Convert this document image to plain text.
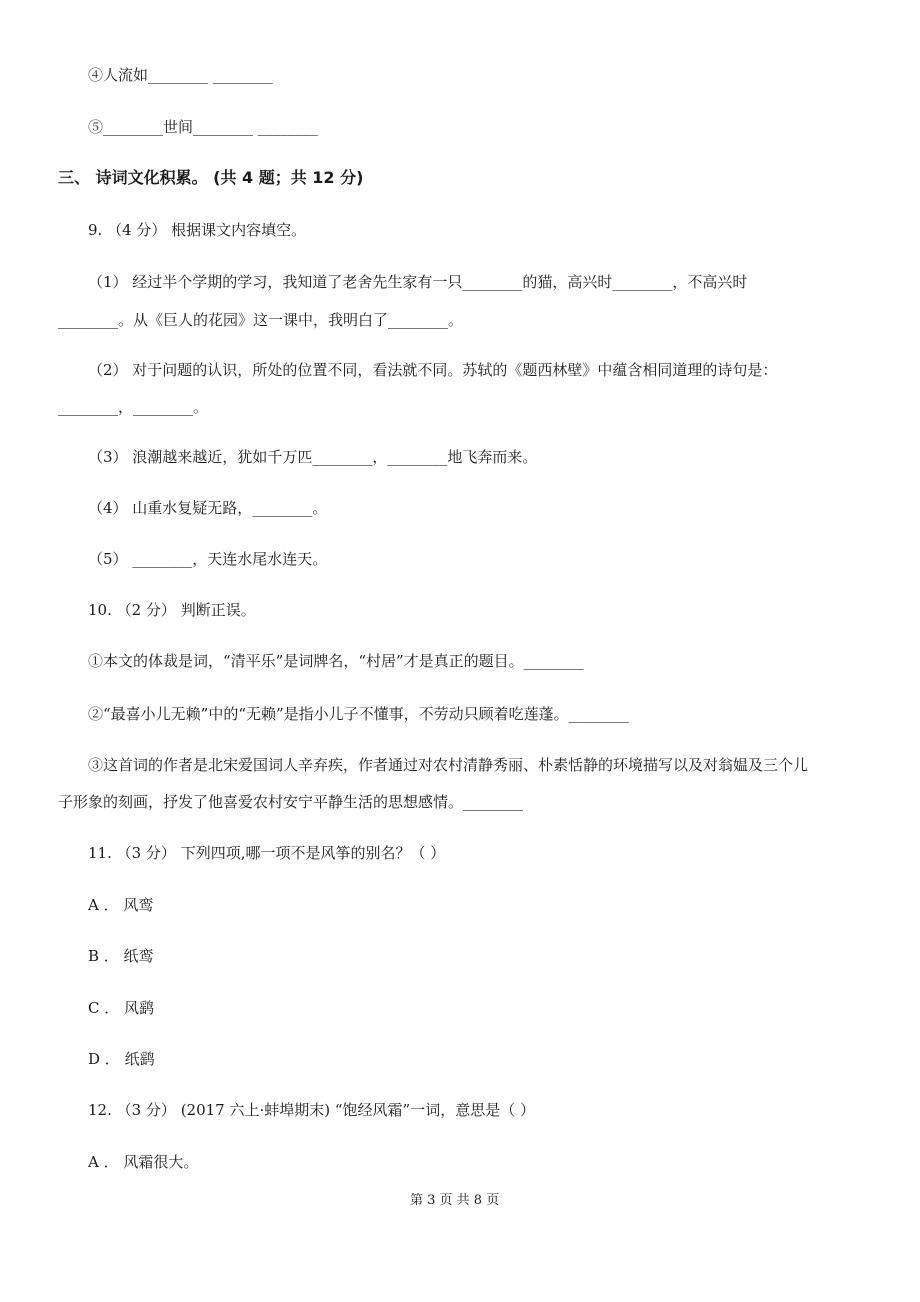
④人流如________ ________
⑤________世间________ ________
三、 诗词文化积累。 (共 4 题；共 12 分)
9. （4 分） 根据课文内容填空。
（1） 经过半个学期的学习，我知道了老舍先生家有一只________的猫，高兴时________，不高兴时
________。从《巨人的花园》这一课中，我明白了________。
（2） 对于问题的认识，所处的位置不同，看法就不同。苏轼的《题西林壁》中蕴含相同道理的诗句是：
________，________。
（3） 浪潮越来越近，犹如千万匹________，________地飞奔而来。
（4） 山重水复疑无路，________。
（5） ________，天连水尾水连天。
10. （2 分） 判断正误。
①本文的体裁是词，“清平乐”是词牌名，“村居”才是真正的题目。________
②“最喜小儿无赖”中的“无赖”是指小儿子不懂事，不劳动只顾着吃莲蓬。________
③这首词的作者是北宋爱国词人辛弃疾，作者通过对农村清静秀丽、朴素恬静的环境描写以及对翁媪及三个儿
子形象的刻画，抒发了他喜爱农村安宁平静生活的思想感情。________
11. （3 分） 下列四项,哪一项不是风筝的别名？（ ）
A ． 风鸾
B ． 纸鸾
C ． 风鹞
D ． 纸鹞
12. （3 分） (2017 六上·蚌埠期末) “饱经风霜”一词，意思是（ ）
A ． 风霜很大。
第 3 页 共 8 页
